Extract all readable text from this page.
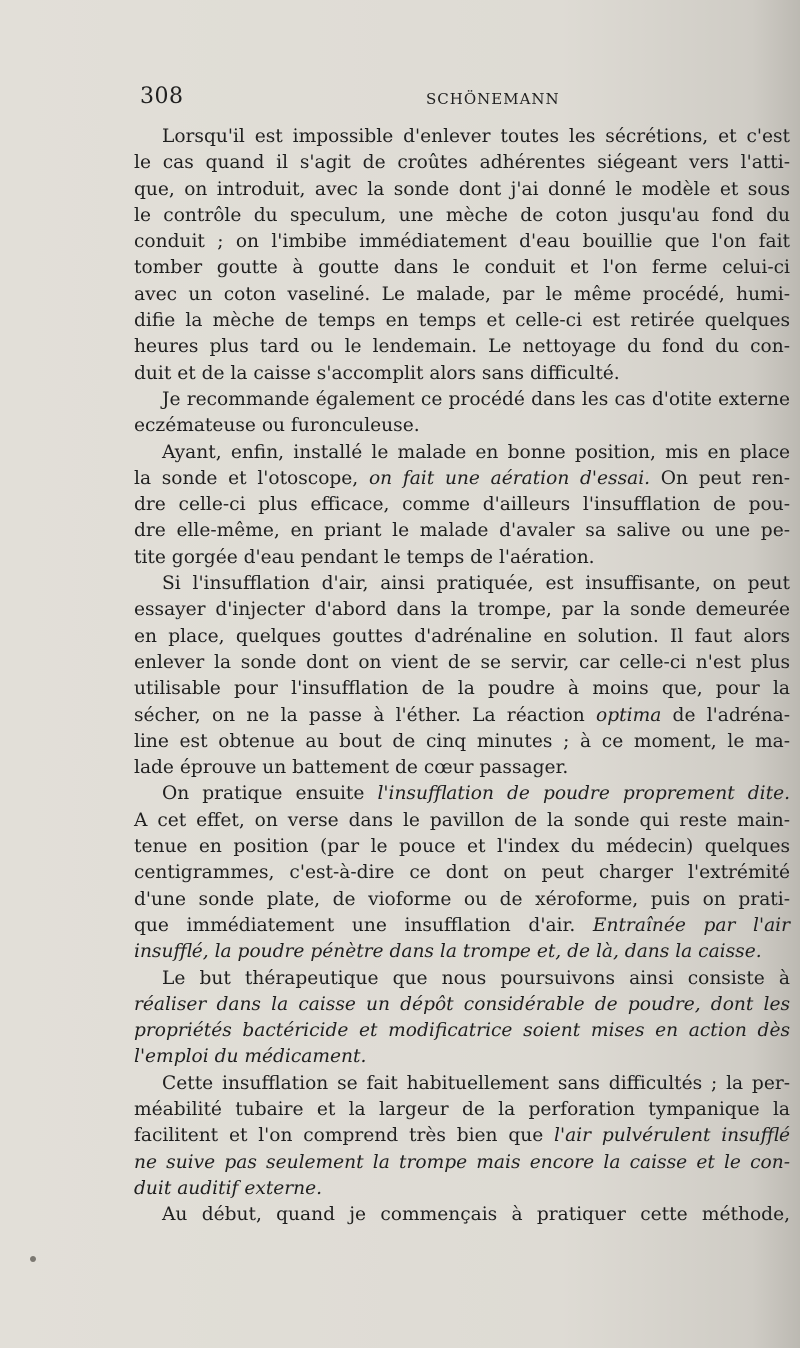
308	SCHÖNEMANN
Lorsqu'il est impossible d'enlever toutes les sécrétions, et c'est
le cas quand il s'agit de croûtes adhérentes siégeant vers l'atti-
que, on introduit, avec la sonde dont j'ai donné le modèle et sous
le contrôle du speculum, une mèche de coton jusqu'au fond du
conduit ; on l'imbibe immédiatement d'eau bouillie que l'on fait
tomber goutte à goutte dans le conduit et l'on ferme celui-ci
avec un coton vaseliné. Le malade, par le même procédé, humi-
difie la mèche de temps en temps et celle-ci est retirée quelques
heures plus tard ou le lendemain. Le nettoyage du fond du con-
duit et de la caisse s'accomplit alors sans difficulté.
Je recommande également ce procédé dans les cas d'otite externe
eczémateuse ou furonculeuse.
Ayant, enfin, installé le malade en bonne position, mis en place
la sonde et l'otoscope, on fait une aération d'essai. On peut ren-
dre celle-ci plus efficace, comme d'ailleurs l'insufflation de pou-
dre elle-même, en priant le malade d'avaler sa salive ou une pe-
tite gorgée d'eau pendant le temps de l'aération.
Si l'insufflation d'air, ainsi pratiquée, est insuffisante, on peut
essayer d'injecter d'abord dans la trompe, par la sonde demeurée
en place, quelques gouttes d'adrénaline en solution. Il faut alors
enlever la sonde dont on vient de se servir, car celle-ci n'est plus
utilisable pour l'insufflation de la poudre à moins que, pour la
sécher, on ne la passe à l'éther. La réaction optima de l'adréna-
line est obtenue au bout de cinq minutes ; à ce moment, le ma-
lade éprouve un battement de cœur passager.
On pratique ensuite l'insufflation de poudre proprement dite.
A cet effet, on verse dans le pavillon de la sonde qui reste main-
tenue en position (par le pouce et l'index du médecin) quelques
centigrammes, c'est-à-dire ce dont on peut charger l'extrémité
d'une sonde plate, de vioforme ou de xéroforme, puis on prati-
que immédiatement une insufflation d'air. Entraînée par l'air
insufflé, la poudre pénètre dans la trompe et, de là, dans la caisse.
Le but thérapeutique que nous poursuivons ainsi consiste à
réaliser dans la caisse un dépôt considérable de poudre, dont les
propriétés bactéricide et modificatrice soient mises en action dès
l'emploi du médicament.
Cette insufflation se fait habituellement sans difficultés ; la per-
méabilité tubaire et la largeur de la perforation tympanique la
facilitent et l'on comprend très bien que l'air pulvérulent insufflé
ne suive pas seulement la trompe mais encore la caisse et le con-
duit auditif externe.
Au début, quand je commençais à pratiquer cette méthode,
